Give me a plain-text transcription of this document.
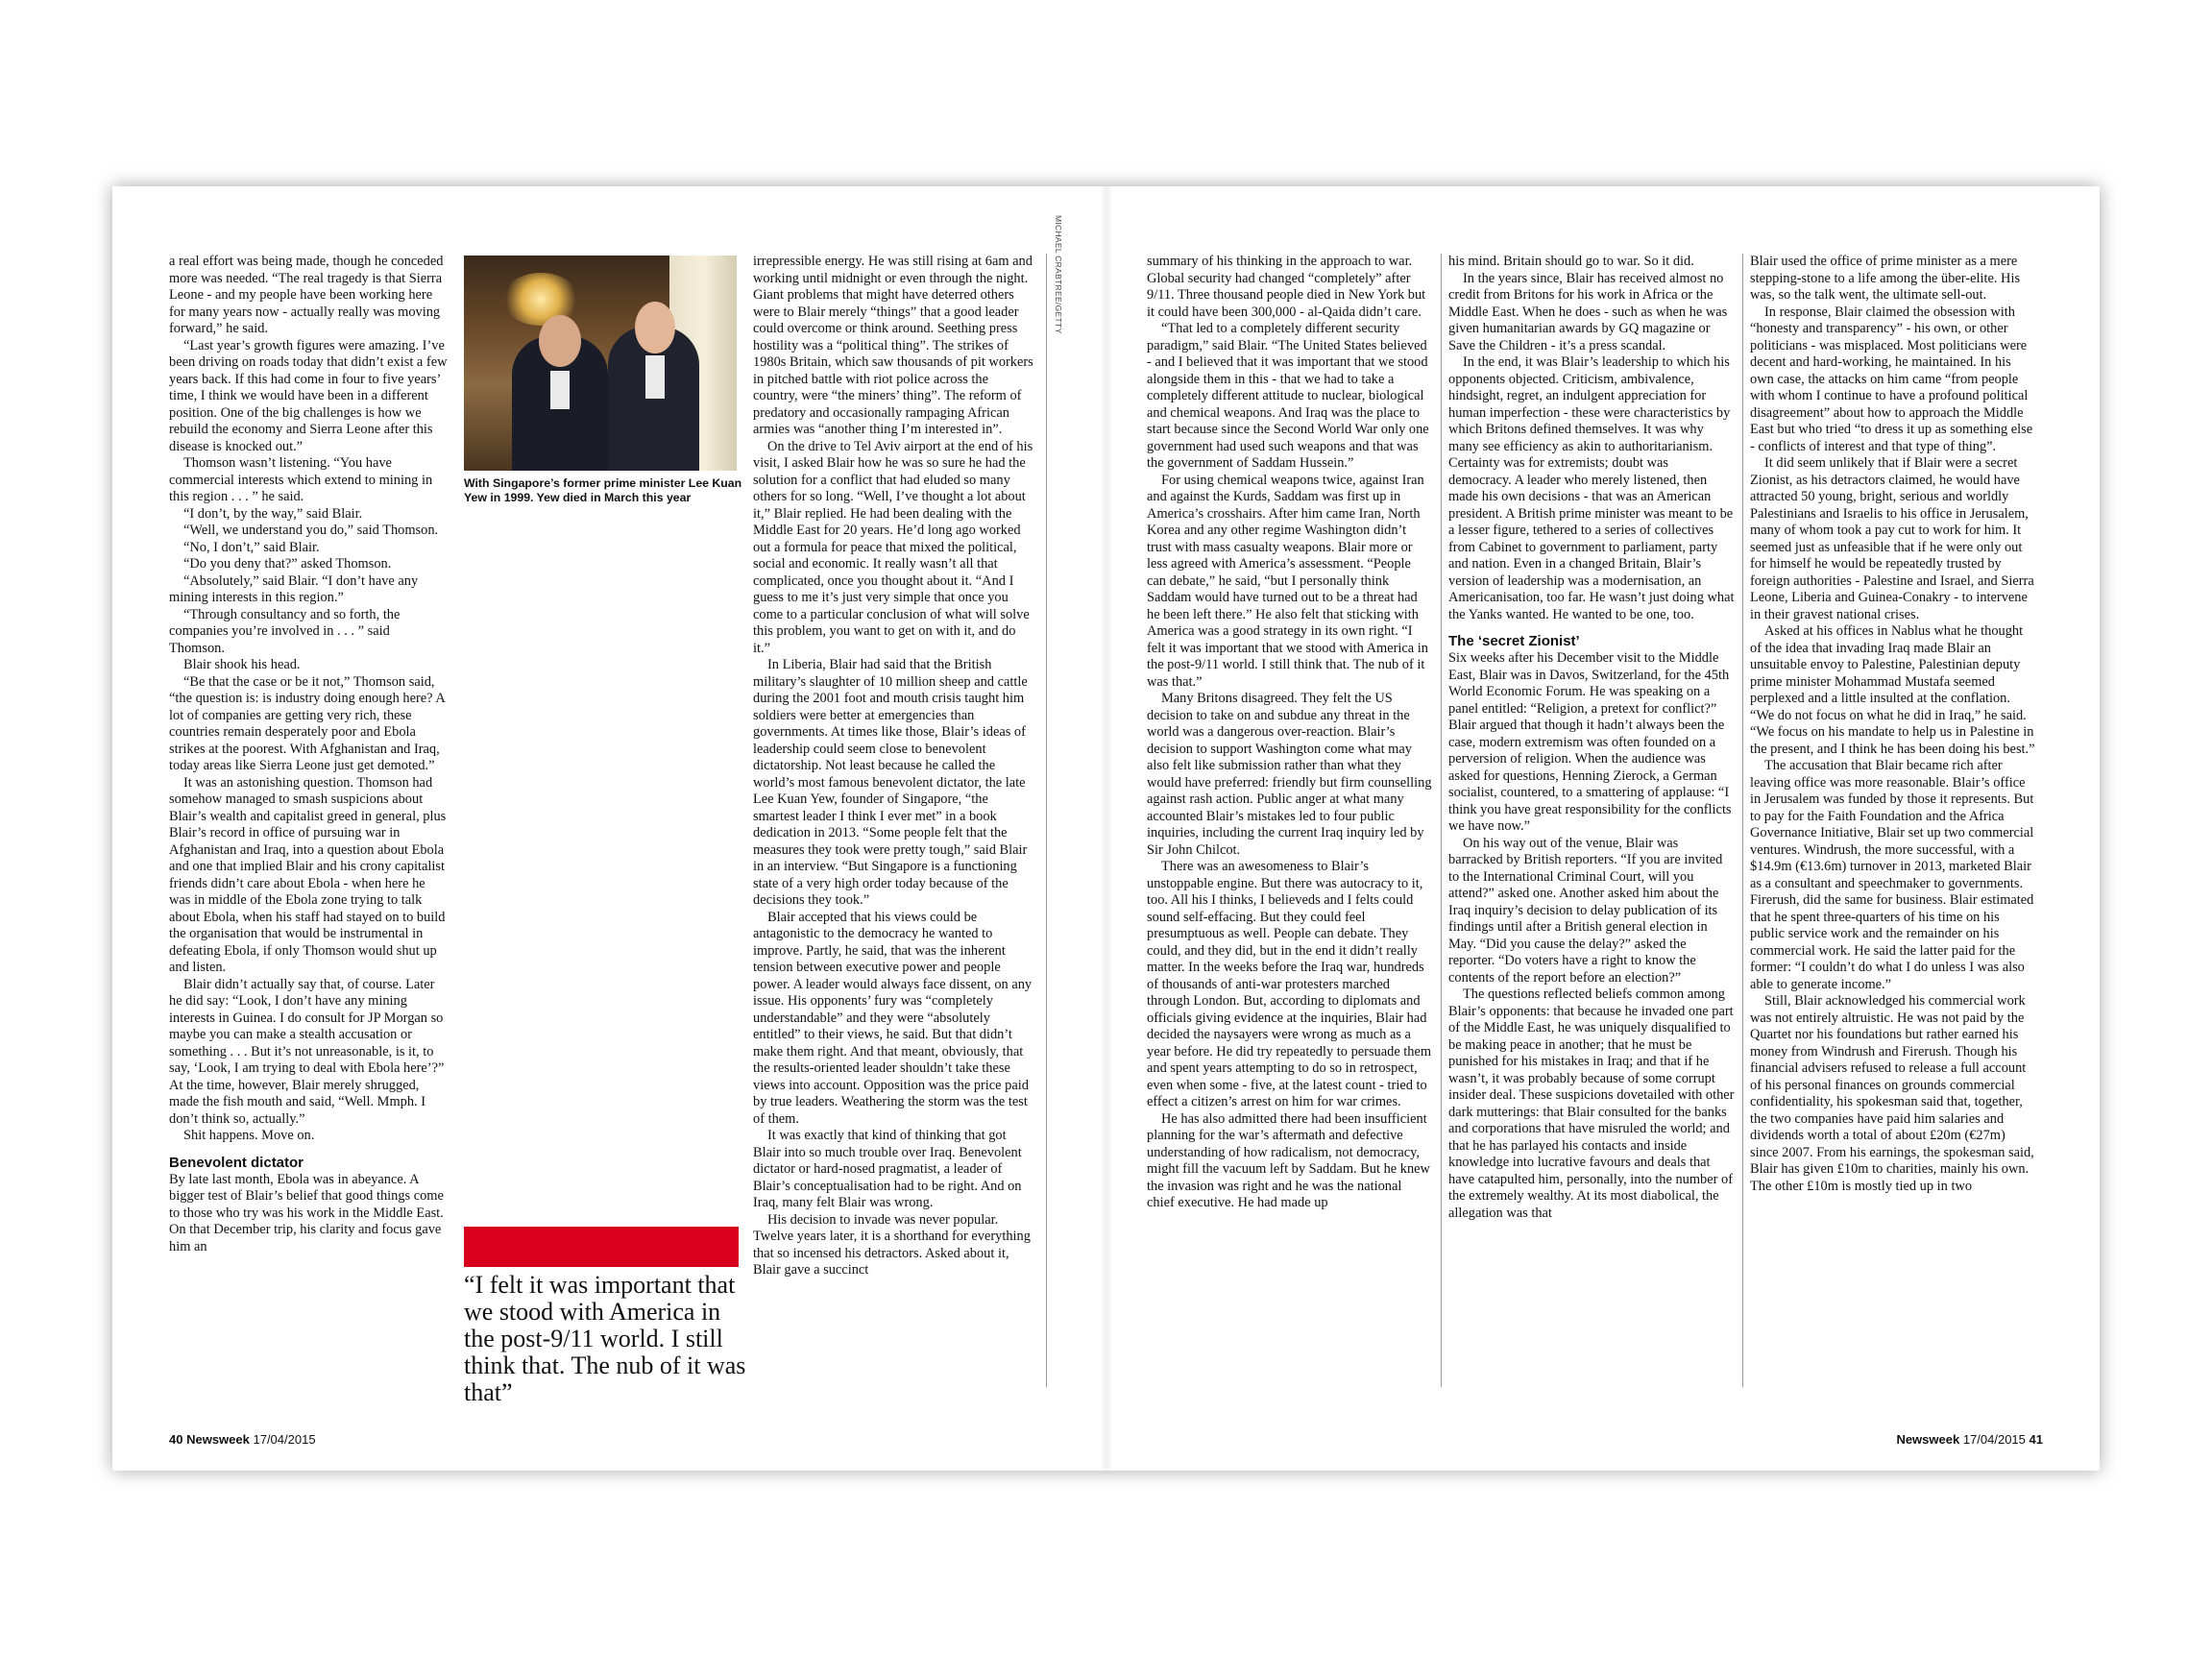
a real effort was being made, though he conceded more was needed. “The real tragedy is that Sierra Leone - and my people have been working here for many years now - actually really was moving forward,” he said.

“Last year’s growth figures were amazing. I’ve been driving on roads today that didn’t exist a few years back. If this had come in four to five years’ time, I think we would have been in a different position. One of the big challenges is how we rebuild the economy and Sierra Leone after this disease is knocked out.”

Thomson wasn’t listening. “You have commercial interests which extend to mining in this region . . . ” he said.

“I don’t, by the way,” said Blair.

“Well, we understand you do,” said Thomson.

“No, I don’t,” said Blair.

“Do you deny that?” asked Thomson.

“Absolutely,” said Blair. “I don’t have any mining interests in this region.”

“Through consultancy and so forth, the companies you’re involved in . . . ” said Thomson.

Blair shook his head.

“Be that the case or be it not,” Thomson said, “the question is: is industry doing enough here? A lot of companies are getting very rich, these countries remain desperately poor and Ebola strikes at the poorest. With Afghanistan and Iraq, today areas like Sierra Leone just get demoted.”

It was an astonishing question. Thomson had somehow managed to smash suspicions about Blair’s wealth and capitalist greed in general, plus Blair’s record in office of pursuing war in Afghanistan and Iraq, into a question about Ebola and one that implied Blair and his crony capitalist friends didn’t care about Ebola - when here he was in middle of the Ebola zone trying to talk about Ebola, when his staff had stayed on to build the organisation that would be instrumental in defeating Ebola, if only Thomson would shut up and listen.

Blair didn’t actually say that, of course. Later he did say: “Look, I don’t have any mining interests in Guinea. I do consult for JP Morgan so maybe you can make a stealth accusation or something . . . But it’s not unreasonable, is it, to say, ‘Look, I am trying to deal with Ebola here’?” At the time, however, Blair merely shrugged, made the fish mouth and said, “Well. Mmph. I don’t think so, actually.”

Shit happens. Move on.

Benevolent dictator

By late last month, Ebola was in abeyance. A bigger test of Blair’s belief that good things come to those who try was his work in the Middle East. On that December trip, his clarity and focus gave him an

With Singapore’s former prime minister Lee Kuan Yew in 1999. Yew died in March this year
“I felt it was important that we stood with America in the post-9/11 world. I still think that. The nub of it was that”

irrepressible energy. He was still rising at 6am and working until midnight or even through the night. Giant problems that might have deterred others were to Blair merely “things” that a good leader could overcome or think around. Seething press hostility was a “political thing”. The strikes of 1980s Britain, which saw thousands of pit workers in pitched battle with riot police across the country, were “the miners’ thing”. The reform of predatory and occasionally rampaging African armies was “another thing I’m interested in”.

On the drive to Tel Aviv airport at the end of his visit, I asked Blair how he was so sure he had the solution for a conflict that had eluded so many others for so long. “Well, I’ve thought a lot about it,” Blair replied. He had been dealing with the Middle East for 20 years. He’d long ago worked out a formula for peace that mixed the political, social and economic. It really wasn’t all that complicated, once you thought about it. “And I guess to me it’s just very simple that once you come to a particular conclusion of what will solve this problem, you want to get on with it, and do it.”

In Liberia, Blair had said that the British military’s slaughter of 10 million sheep and cattle during the 2001 foot and mouth crisis taught him soldiers were better at emergencies than governments. At times like those, Blair’s ideas of leadership could seem close to benevolent dictatorship. Not least because he called the world’s most famous benevolent dictator, the late Lee Kuan Yew, founder of Singapore, “the smartest leader I think I ever met” in a book dedication in 2013. “Some people felt that the measures they took were pretty tough,” said Blair in an interview. “But Singapore is a functioning state of a very high order today because of the decisions they took.”

Blair accepted that his views could be antagonistic to the democracy he wanted to improve. Partly, he said, that was the inherent tension between executive power and people power. A leader would always face dissent, on any issue. His opponents’ fury was “completely understandable” and they were “absolutely entitled” to their views, he said. But that didn’t make them right. And that meant, obviously, that the results-oriented leader shouldn’t take these views into account. Opposition was the price paid by true leaders. Weathering the storm was the test of them.

It was exactly that kind of thinking that got Blair into so much trouble over Iraq. Benevolent dictator or hard-nosed pragmatist, a leader of Blair’s conceptualisation had to be right. And on Iraq, many felt Blair was wrong.

His decision to invade was never popular. Twelve years later, it is a shorthand for everything that so incensed his detractors. Asked about it, Blair gave a succinct

MICHAEL CRABTREE/GETTY
40 Newsweek 17/04/2015

summary of his thinking in the approach to war. Global security had changed “completely” after 9/11. Three thousand people died in New York but it could have been 300,000 - al-Qaida didn’t care.

“That led to a completely different security paradigm,” said Blair. “The United States believed - and I believed that it was important that we stood alongside them in this - that we had to take a completely different attitude to nuclear, biological and chemical weapons. And Iraq was the place to start because since the Second World War only one government had used such weapons and that was the government of Saddam Hussein.”

For using chemical weapons twice, against Iran and against the Kurds, Saddam was first up in America’s crosshairs. After him came Iran, North Korea and any other regime Washington didn’t trust with mass casualty weapons. Blair more or less agreed with America’s assessment. “People can debate,” he said, “but I personally think Saddam would have turned out to be a threat had he been left there.” He also felt that sticking with America was a good strategy in its own right. “I felt it was important that we stood with America in the post-9/11 world. I still think that. The nub of it was that.”

Many Britons disagreed. They felt the US decision to take on and subdue any threat in the world was a dangerous over-reaction. Blair’s decision to support Washington come what may also felt like submission rather than what they would have preferred: friendly but firm counselling against rash action. Public anger at what many accounted Blair’s mistakes led to four public inquiries, including the current Iraq inquiry led by Sir John Chilcot.

There was an awesomeness to Blair’s unstoppable engine. But there was autocracy to it, too. All his I thinks, I believeds and I felts could sound self-effacing. But they could feel presumptuous as well. People can debate. They could, and they did, but in the end it didn’t really matter. In the weeks before the Iraq war, hundreds of thousands of anti-war protesters marched through London. But, according to diplomats and officials giving evidence at the inquiries, Blair had decided the naysayers were wrong as much as a year before. He did try repeatedly to persuade them and spent years attempting to do so in retrospect, even when some - five, at the latest count - tried to effect a citizen’s arrest on him for war crimes.

He has also admitted there had been insufficient planning for the war’s aftermath and defective understanding of how radicalism, not democracy, might fill the vacuum left by Saddam. But he knew the invasion was right and he was the national chief executive. He had made up

his mind. Britain should go to war. So it did.

In the years since, Blair has received almost no credit from Britons for his work in Africa or the Middle East. When he does - such as when he was given humanitarian awards by GQ magazine or Save the Children - it’s a press scandal.

In the end, it was Blair’s leadership to which his opponents objected. Criticism, ambivalence, hindsight, regret, an indulgent appreciation for human imperfection - these were characteristics by which Britons defined themselves. It was why many see efficiency as akin to authoritarianism. Certainty was for extremists; doubt was democracy. A leader who merely listened, then made his own decisions - that was an American president. A British prime minister was meant to be a lesser figure, tethered to a series of collectives from Cabinet to government to parliament, party and nation. Even in a changed Britain, Blair’s version of leadership was a modernisation, an Americanisation, too far. He wasn’t just doing what the Yanks wanted. He wanted to be one, too.

The ‘secret Zionist’

Six weeks after his December visit to the Middle East, Blair was in Davos, Switzerland, for the 45th World Economic Forum. He was speaking on a panel entitled: “Religion, a pretext for conflict?” Blair argued that though it hadn’t always been the case, modern extremism was often founded on a perversion of religion. When the audience was asked for questions, Henning Zierock, a German socialist, countered, to a smattering of applause: “I think you have great responsibility for the conflicts we have now.”

On his way out of the venue, Blair was barracked by British reporters. “If you are invited to the International Criminal Court, will you attend?” asked one. Another asked him about the Iraq inquiry’s decision to delay publication of its findings until after a British general election in May. “Did you cause the delay?” asked the reporter. “Do voters have a right to know the contents of the report before an election?”

The questions reflected beliefs common among Blair’s opponents: that because he invaded one part of the Middle East, he was uniquely disqualified to be making peace in another; that he must be punished for his mistakes in Iraq; and that if he wasn’t, it was probably because of some corrupt insider deal. These suspicions dovetailed with other dark mutterings: that Blair consulted for the banks and corporations that have misruled the world; and that he has parlayed his contacts and inside knowledge into lucrative favours and deals that have catapulted him, personally, into the number of the extremely wealthy. At its most diabolical, the allegation was that

Blair used the office of prime minister as a mere stepping-stone to a life among the über-elite. His was, so the talk went, the ultimate sell-out.

In response, Blair claimed the obsession with “honesty and transparency” - his own, or other politicians - was misplaced. Most politicians were decent and hard-working, he maintained. In his own case, the attacks on him came “from people with whom I continue to have a profound political disagreement” about how to approach the Middle East but who tried “to dress it up as something else - conflicts of interest and that type of thing”.

It did seem unlikely that if Blair were a secret Zionist, as his detractors claimed, he would have attracted 50 young, bright, serious and worldly Palestinians and Israelis to his office in Jerusalem, many of whom took a pay cut to work for him. It seemed just as unfeasible that if he were only out for himself he would be repeatedly trusted by foreign authorities - Palestine and Israel, and Sierra Leone, Liberia and Guinea-Conakry - to intervene in their gravest national crises.

Asked at his offices in Nablus what he thought of the idea that invading Iraq made Blair an unsuitable envoy to Palestine, Palestinian deputy prime minister Mohammad Mustafa seemed perplexed and a little insulted at the conflation. “We do not focus on what he did in Iraq,” he said. “We focus on his mandate to help us in Palestine in the present, and I think he has been doing his best.”

The accusation that Blair became rich after leaving office was more reasonable. Blair’s office in Jerusalem was funded by those it represents. But to pay for the Faith Foundation and the Africa Governance Initiative, Blair set up two commercial ventures. Windrush, the more successful, with a $14.9m (€13.6m) turnover in 2013, marketed Blair as a consultant and speechmaker to governments. Firerush, did the same for business. Blair estimated that he spent three-quarters of his time on his public service work and the remainder on his commercial work. He said the latter paid for the former: “I couldn’t do what I do unless I was also able to generate income.”

Still, Blair acknowledged his commercial work was not entirely altruistic. He was not paid by the Quartet nor his foundations but rather earned his money from Windrush and Firerush. Though his financial advisers refused to release a full account of his personal finances on grounds commercial confidentiality, his spokesman said that, together, the two companies have paid him salaries and dividends worth a total of about £20m (€27m) since 2007. From his earnings, the spokesman said, Blair has given £10m to charities, mainly his own. The other £10m is mostly tied up in two

Newsweek 17/04/2015 41
